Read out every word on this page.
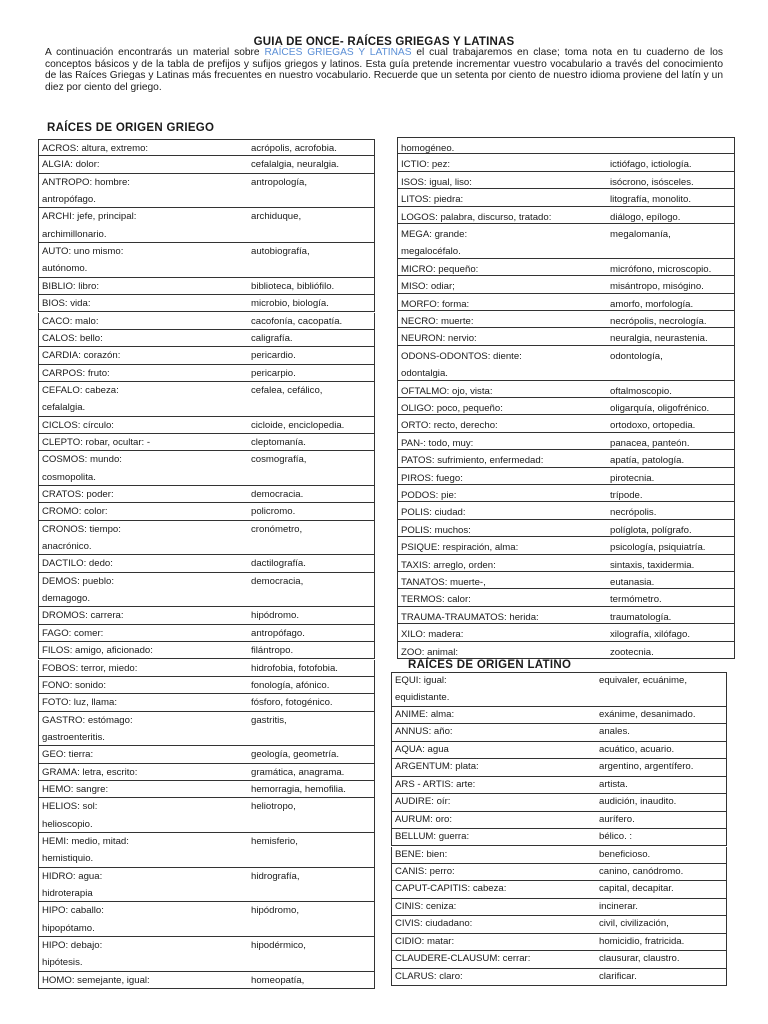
GUIA DE ONCE- RAÍCES GRIEGAS Y LATINAS
A continuación encontrarás un material sobre RAÍCES GRIEGAS Y LATINAS el cual trabajaremos en clase; toma nota en tu cuaderno de los conceptos básicos y de la tabla de prefijos y sufijos griegos y latinos. Esta guía pretende incrementar vuestro vocabulario a través del conocimiento de las Raíces Griegas y Latinas más frecuentes en nuestro vocabulario. Recuerde que un setenta por ciento de nuestro idioma proviene del latín y un diez por ciento del griego.
RAÍCES DE ORIGEN GRIEGO
ACROS: altura, extremo:	acrópolis, acrofobia.
ALGIA: dolor:	cefalalgia, neuralgia.
ANTROPO: hombre:	antropología,
antropófago.
ARCHI: jefe, principal:	archiduque,
archimillonario.
AUTO: uno mismo:	autobiografía,
autónomo.
BIBLIO: libro:	biblioteca, bibliófilo.
BIOS: vida:	microbio, biología.
CACO: malo:	cacofonía, cacopatía.
CALOS: bello:	caligrafía.
CARDIA: corazón:	pericardio.
CARPOS: fruto:	pericarpio.
CEFALO: cabeza:	cefalea, cefálico,
cefalalgia.
CICLOS: círculo:	cicloide, enciclopedia.
CLEPTO: robar, ocultar: -	cleptomanía.
COSMOS: mundo:	cosmografía,
cosmopolita.
CRATOS: poder:	democracia.
CROMO: color:	policromo.
CRONOS: tiempo:	cronómetro,
anacrónico.
DACTILO: dedo:	dactilografía.
DEMOS: pueblo:	democracia,
demagogo.
DROMOS: carrera:	hipódromo.
FAGO: comer:	antropófago.
FILOS: amigo, aficionado:	filántropo.
FOBOS: terror, miedo:	hidrofobia, fotofobia.
FONO: sonido:	fonología, afónico.
FOTO: luz, llama:	fósforo, fotogénico.
GASTRO: estómago:	gastritis,
gastroenteritis.
GEO: tierra:	geología, geometría.
GRAMA: letra, escrito:	gramática, anagrama.
HEMO: sangre:	hemorragia, hemofilia.
HELIOS: sol:	heliotropo,
helioscopio.
HEMI: medio, mitad:	hemisferio,
hemistiquio.
HIDRO: agua:	hidrografía,
hidroterapia
HIPO: caballo:	hipódromo,
hipopótamo.
HIPO: debajo:	hipodérmico,
hipótesis.
HOMO: semejante, igual:	homeopatía,
homogéneo.
ICTIO: pez:	ictiófago, ictiología.
ISOS: igual, liso:	isócrono, isósceles.
LITOS: piedra:	litografía, monolito.
LOGOS: palabra, discurso, tratado:	diálogo, epílogo.
MEGA: grande:	megalomanía,
megalocéfalo.
MICRO: pequeño:	micrófono, microscopio.
MISO: odiar;	misántropo, misógino.
MORFO: forma:	amorfo, morfología.
NECRO: muerte:	necrópolis, necrología.
NEURON: nervio:	neuralgia, neurastenia.
ODONS-ODONTOS: diente:	odontología,
odontalgia.
OFTALMO: ojo, vista:	oftalmoscopio.
OLIGO: poco, pequeño:	oligarquía, oligofrénico.
ORTO: recto, derecho:	ortodoxo, ortopedia.
PAN-: todo, muy:	panacea, panteón.
PATOS: sufrimiento, enfermedad:	apatía, patología.
PIROS: fuego:	pirotecnia.
PODOS: pie:	trípode.
POLIS: ciudad:	necrópolis.
POLIS: muchos:	políglota, polígrafo.
PSIQUE: respiración, alma:	psicología, psiquiatría.
TAXIS: arreglo, orden:	sintaxis, taxidermia.
TANATOS: muerte-,	eutanasia.
TERMOS: calor:	termómetro.
TRAUMA-TRAUMATOS: herida:	traumatología.
XILO: madera:	xilografía, xilófago.
ZOO: animal:	zootecnia.
RAÍCES DE ORIGEN LATINO
EQUI: igual:	equivaler, ecuánime,
equidistante.
ANIME: alma:	exánime, desanimado.
ANNUS: año:	anales.
AQUA: agua	acuático, acuario.
ARGENTUM: plata:	argentino, argentífero.
ARS - ARTIS: arte:	artista.
AUDIRE: oír:	audición, inaudito.
AURUM: oro:	aurífero.
BELLUM: guerra:	bélico. :
BENE: bien:	beneficioso.
CANIS: perro:	canino, canódromo.
CAPUT-CAPITIS: cabeza:	capital, decapitar.
CINIS: ceniza:	incinerar.
CIVIS: ciudadano:	civil, civilización,
CIDIO: matar:	homicidio, fratricida.
CLAUDERE-CLAUSUM: cerrar:	clausurar, claustro.
CLARUS: claro:	clarificar.
